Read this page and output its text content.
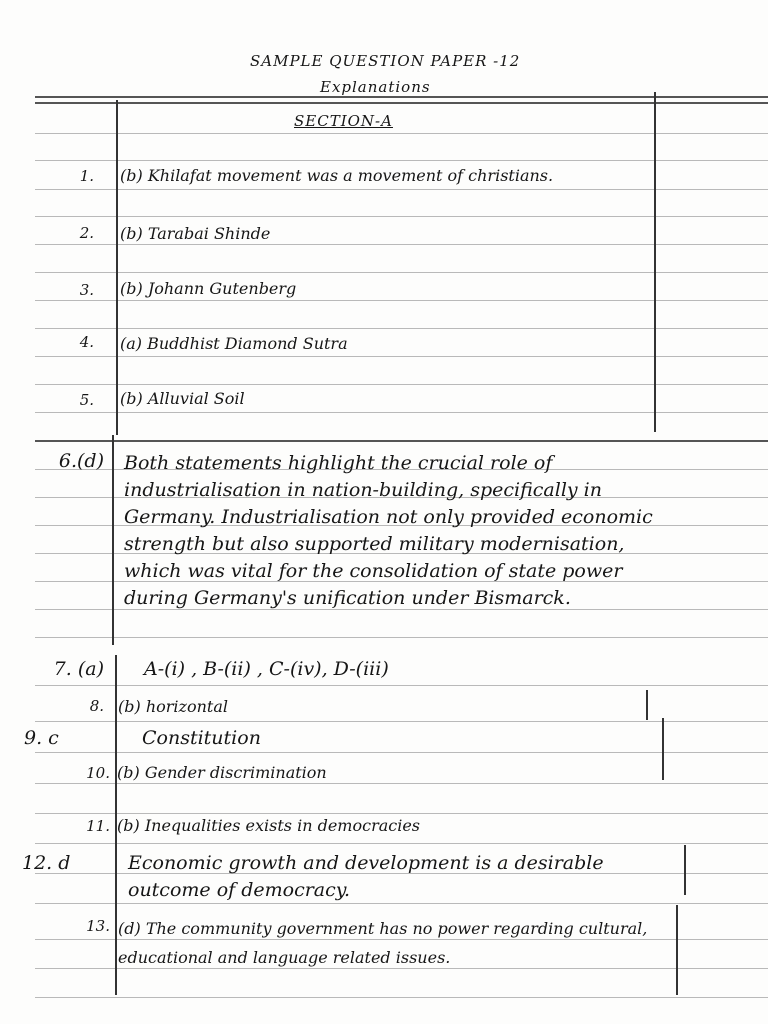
SAMPLE QUESTION PAPER -12
Explanations
SECTION-A
1. (b) Khilafat movement was a movement of christians.
2. (b) Tarabai Shinde
3. (b) Johann Gutenberg
4. (a) Buddhist Diamond Sutra
5. (b) Alluvial Soil
6.(d) Both statements highlight the crucial role of industrialisation in nation-building, specifically in Germany. Industrialisation not only provided economic strength but also supported military modernisation, which was vital for the consolidation of state power during Germany's unification under Bismarck.
7. (a) A-(i) , B-(ii) , C-(iv), D-(iii)
8. (b) horizontal
9. c	Constitution
10. (b) Gender discrimination
11. (b) Inequalities exists in democracies
12. d	Economic growth and development is a desirable outcome of democracy.
13. (d) The community government has no power regarding cultural, educational and language related issues.
